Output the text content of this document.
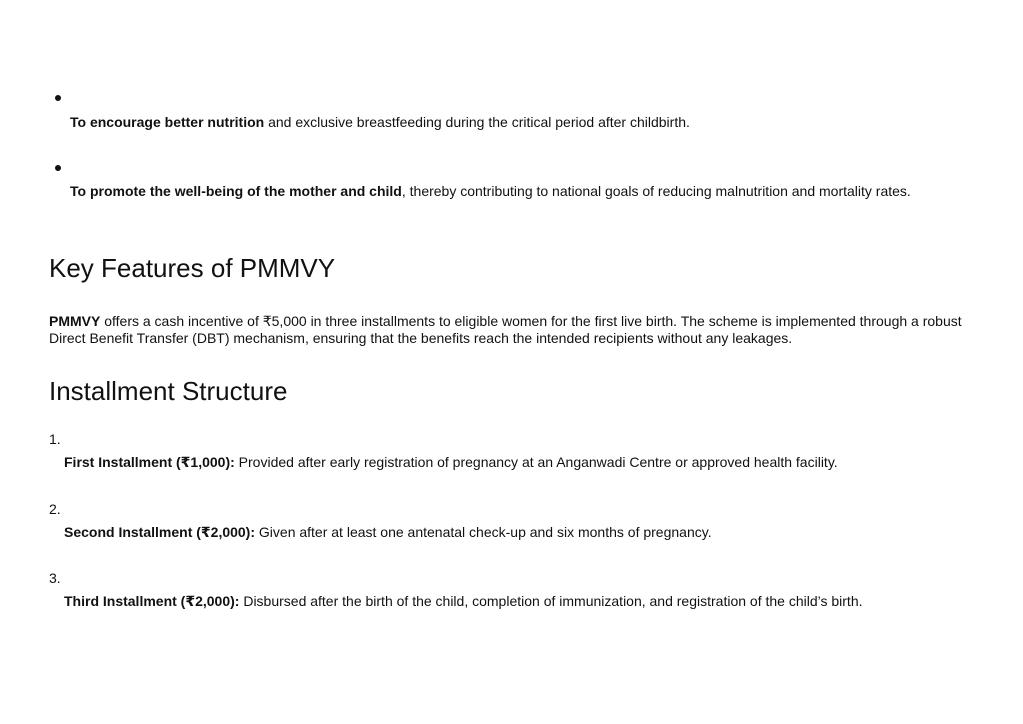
To encourage better nutrition and exclusive breastfeeding during the critical period after childbirth.
To promote the well-being of the mother and child, thereby contributing to national goals of reducing malnutrition and mortality rates.
Key Features of PMMVY

PMMVY offers a cash incentive of ₹5,000 in three installments to eligible women for the first live birth. The scheme is implemented through a robust Direct Benefit Transfer (DBT) mechanism, ensuring that the benefits reach the intended recipients without any leakages.

Installment Structure
1.
First Installment (₹1,000): Provided after early registration of pregnancy at an Anganwadi Centre or approved health facility.
2.
Second Installment (₹2,000): Given after at least one antenatal check-up and six months of pregnancy.
3.
Third Installment (₹2,000): Disbursed after the birth of the child, completion of immunization, and registration of the child’s birth.
